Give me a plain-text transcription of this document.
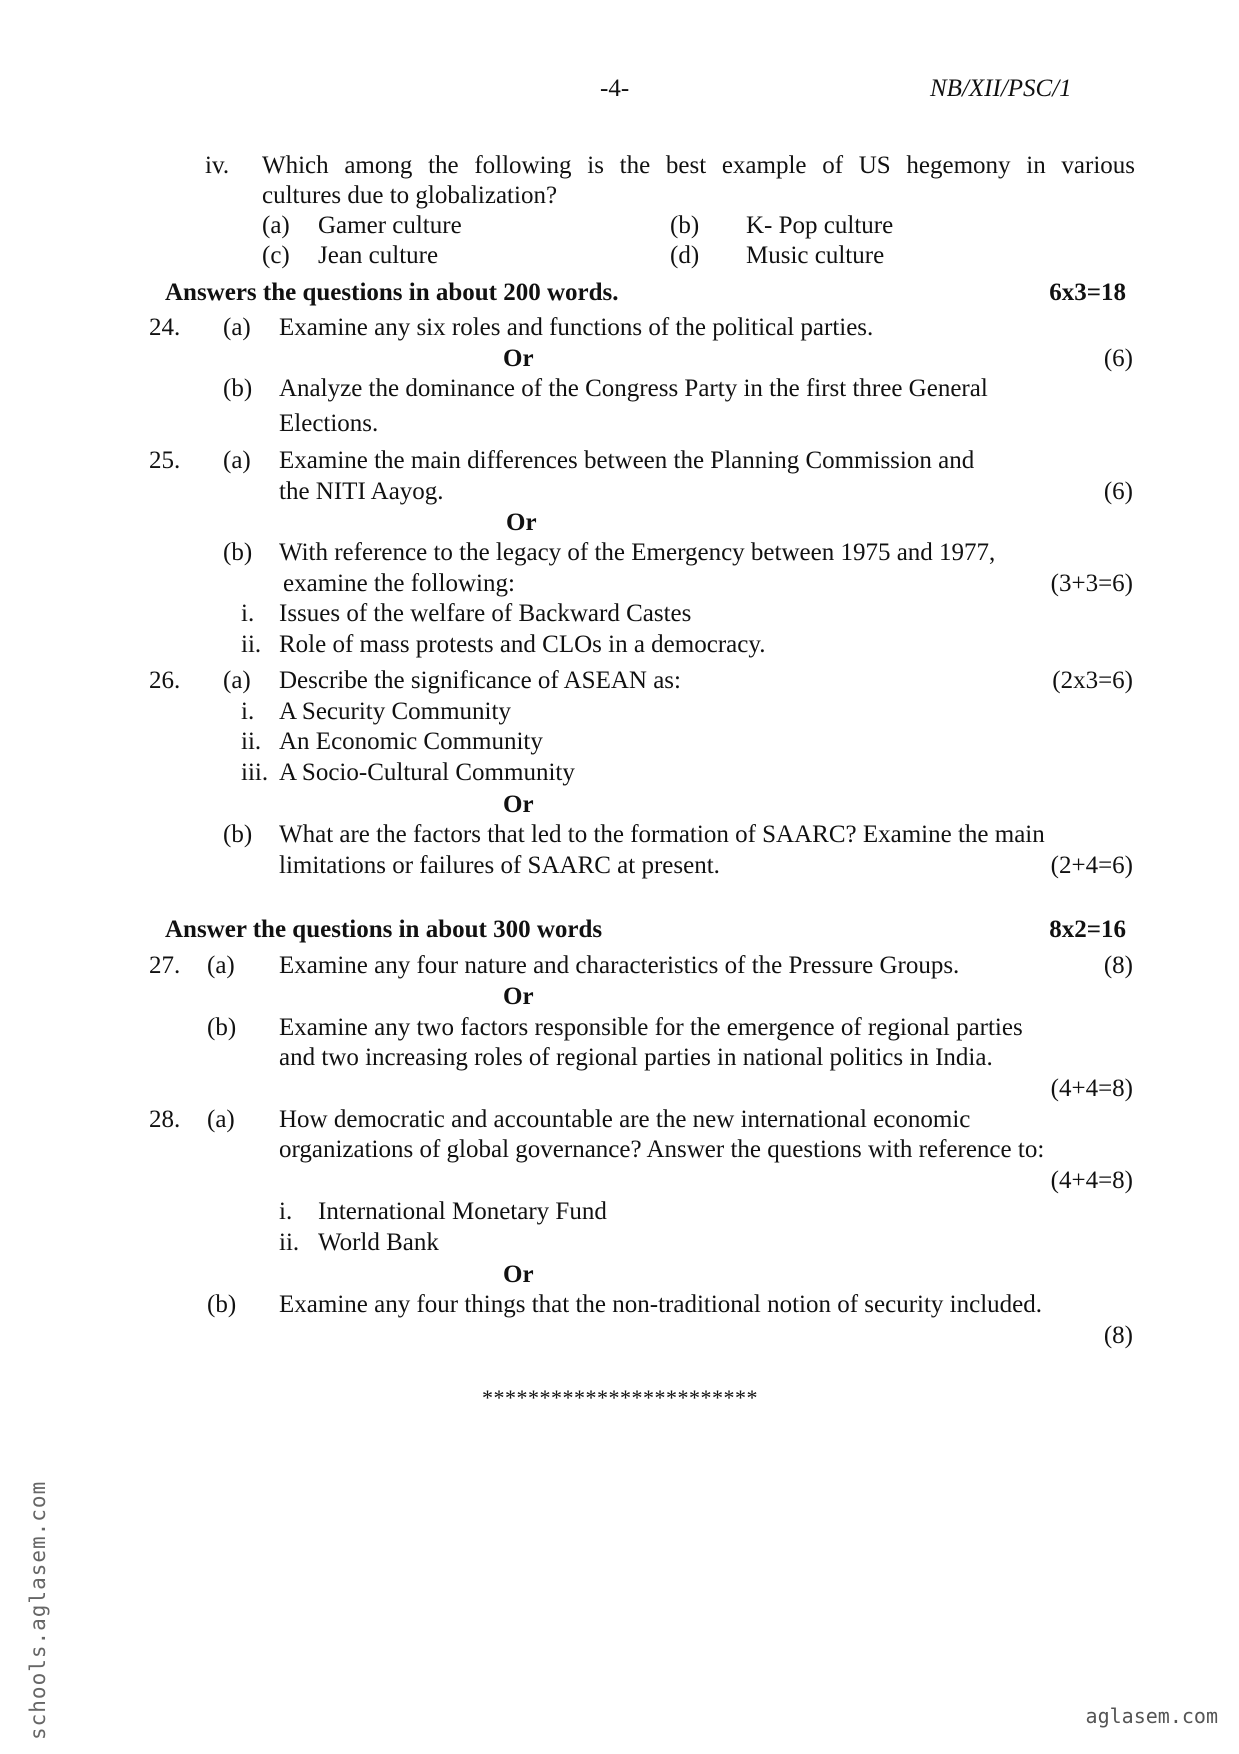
-4-	NB/XII/PSC/1
iv. Which among the following is the best example of US hegemony in various
cultures due to globalization?
(a) Gamer culture	(b) K- Pop culture
(c) Jean culture	(d) Music culture
Answers the questions in about 200 words.	6x3=18
24. (a) Examine any six roles and functions of the political parties.
Or	(6)
(b) Analyze the dominance of the Congress Party in the first three General
Elections.
25. (a) Examine the main differences between the Planning Commission and
the NITI Aayog.	(6)
Or
(b) With reference to the legacy of the Emergency between 1975 and 1977,
examine the following:	(3+3=6)
i. Issues of the welfare of Backward Castes
ii. Role of mass protests and CLOs in a democracy.
26. (a) Describe the significance of ASEAN as:	(2x3=6)
i. A Security Community
ii. An Economic Community
iii. A Socio-Cultural Community
Or
(b) What are the factors that led to the formation of SAARC? Examine the main
limitations or failures of SAARC at present.	(2+4=6)
Answer the questions in about 300 words	8x2=16
27. (a) Examine any four nature and characteristics of the Pressure Groups.	(8)
Or
(b) Examine any two factors responsible for the emergence of regional parties
and two increasing roles of regional parties in national politics in India.
(4+4=8)
28. (a) How democratic and accountable are the new international economic
organizations of global governance? Answer the questions with reference to:
(4+4=8)
i. International Monetary Fund
ii. World Bank
Or
(b) Examine any four things that the non-traditional notion of security included.
(8)
************************
schools.aglasem.com	aglasem.com
